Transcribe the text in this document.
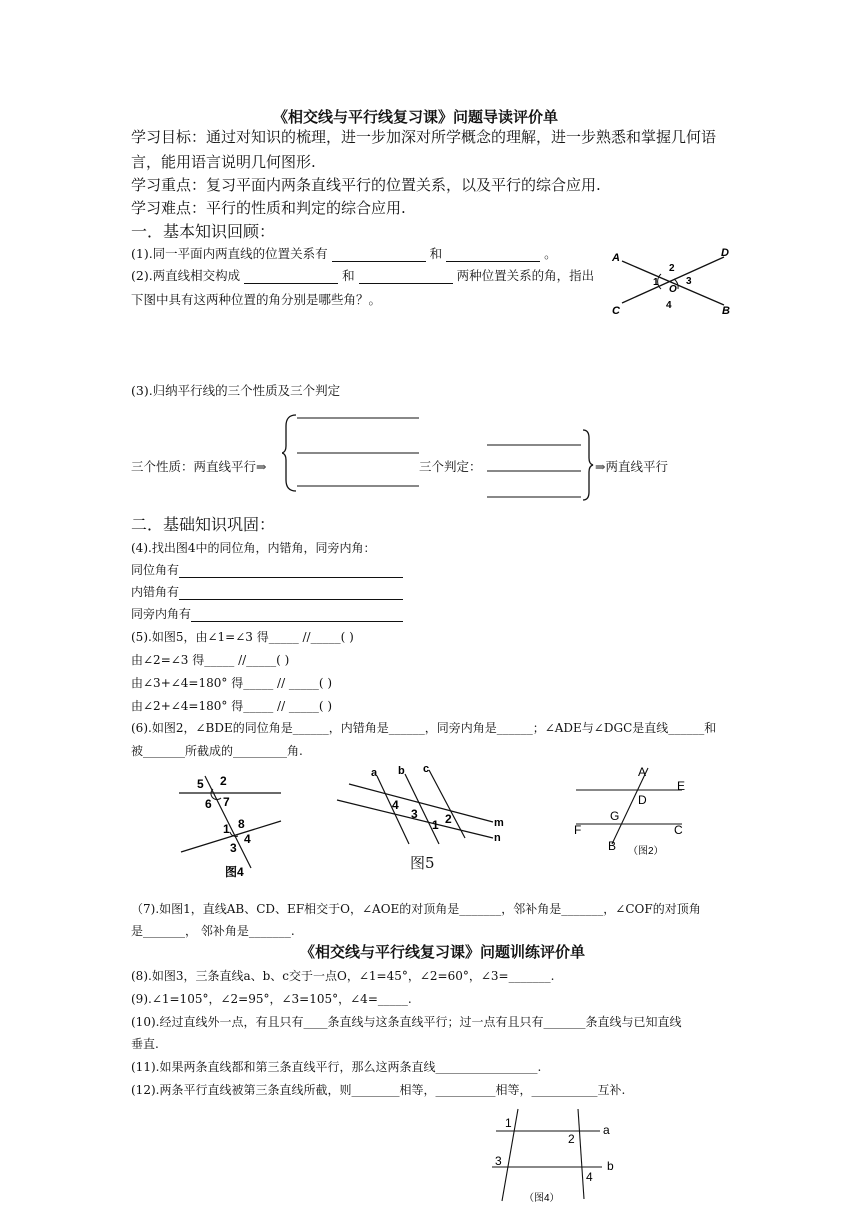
《相交线与平行线复习课》问题导读评价单
学习目标：通过对知识的梳理，进一步加深对所学概念的理解，进一步熟悉和掌握几何语
言，能用语言说明几何图形.
学习重点：复习平面内两条直线平行的位置关系，以及平行的综合应用.
学习难点：平行的性质和判定的综合应用.
一．基本知识回顾：
(1).同一平面内两直线的位置关系有	和	。
(2).两直线相交构成	和	两种位置关系的角，指出
下图中具有这两种位置的角分别是哪些角？。
A	D
C	B
1
2
3
4
O
(3).归纳平行线的三个性质及三个判定
三个性质：两直线平行⇒	三个判定：	⇒两直线平行
二．基础知识巩固：
(4).找出图4中的同位角，内错角，同旁内角：
同位角有
内错角有
同旁内角有
(5).如图5，由∠1=∠3 得_____ //_____( )
由∠2=∠3 得_____ //_____( )
由∠3+∠4=180° 得_____ // _____( )
由∠2+∠4=180° 得_____ // _____( )
(6).如图2，∠BDE的同位角是______，内错角是______，同旁内角是______；∠ADE与∠DGC是直线______和
被_______所截成的_________角.
5 2
6 7
8
1
4
3
图4
a b c
4
3
1 2	m
n
图5
A
E
D
F
G
C
B （图2）
（7).如图1，直线AB、CD、EF相交于O，∠AOE的对顶角是_______，邻补角是_______，∠COF的对顶角
是_______， 邻补角是_______.
《相交线与平行线复习课》问题训练评价单
(8).如图3，三条直线a、b、c交于一点O，∠1=45°，∠2=60°，∠3=_______.
(9).∠1=105°，∠2=95°，∠3=105°，∠4=_____.
(10).经过直线外一点，有且只有____条直线与这条直线平行；过一点有且只有_______条直线与已知直线
垂直.
(11).如果两条直线都和第三条直线平行，那么这两条直线_________________.
(12).两条平行直线被第三条直线所截，则________相等，__________相等，___________互补.
1
2
a
3	b
4
（图4）
